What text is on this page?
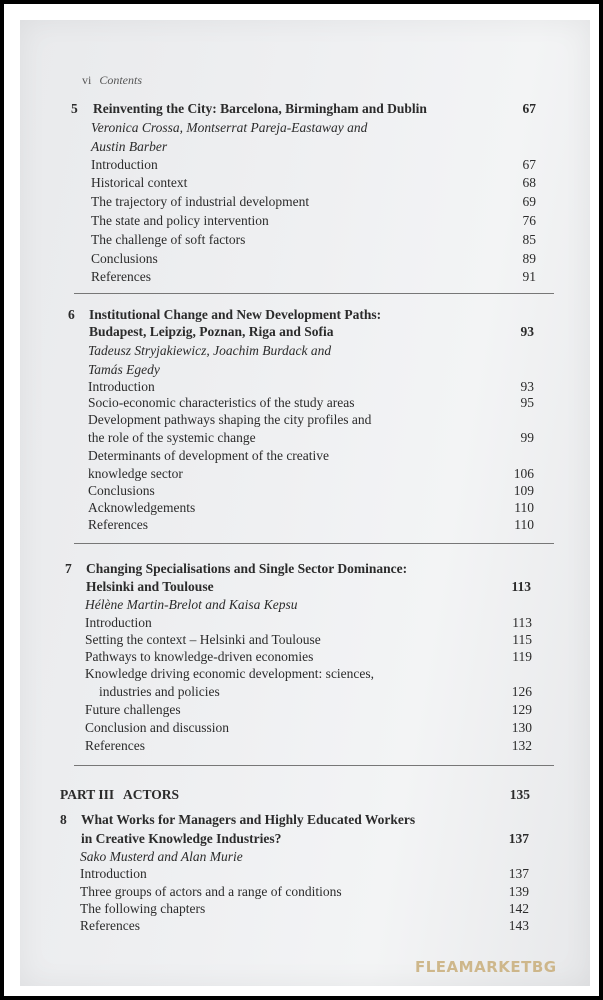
vi Contents
5 Reinventing the City: Barcelona, Birmingham and Dublin	67
Veronica Crossa, Montserrat Pareja-Eastaway and
Austin Barber
Introduction	67
Historical context	68
The trajectory of industrial development	69
The state and policy intervention	76
The challenge of soft factors	85
Conclusions	89
References	91
6 Institutional Change and New Development Paths:
Budapest, Leipzig, Poznan, Riga and Sofia	93
Tadeusz Stryjakiewicz, Joachim Burdack and
Tamás Egedy
Introduction	93
Socio-economic characteristics of the study areas	95
Development pathways shaping the city profiles and
the role of the systemic change	99
Determinants of development of the creative
knowledge sector	106
Conclusions	109
Acknowledgements	110
References	110
7 Changing Specialisations and Single Sector Dominance:
Helsinki and Toulouse	113
Hélène Martin-Brelot and Kaisa Kepsu
Introduction	113
Setting the context – Helsinki and Toulouse	115
Pathways to knowledge-driven economies	119
Knowledge driving economic development: sciences,
industries and policies	126
Future challenges	129
Conclusion and discussion	130
References	132
PART III ACTORS	135
8 What Works for Managers and Highly Educated Workers
in Creative Knowledge Industries?	137
Sako Musterd and Alan Murie
Introduction	137
Three groups of actors and a range of conditions	139
The following chapters	142
References	143
FLEAMARKETBG
